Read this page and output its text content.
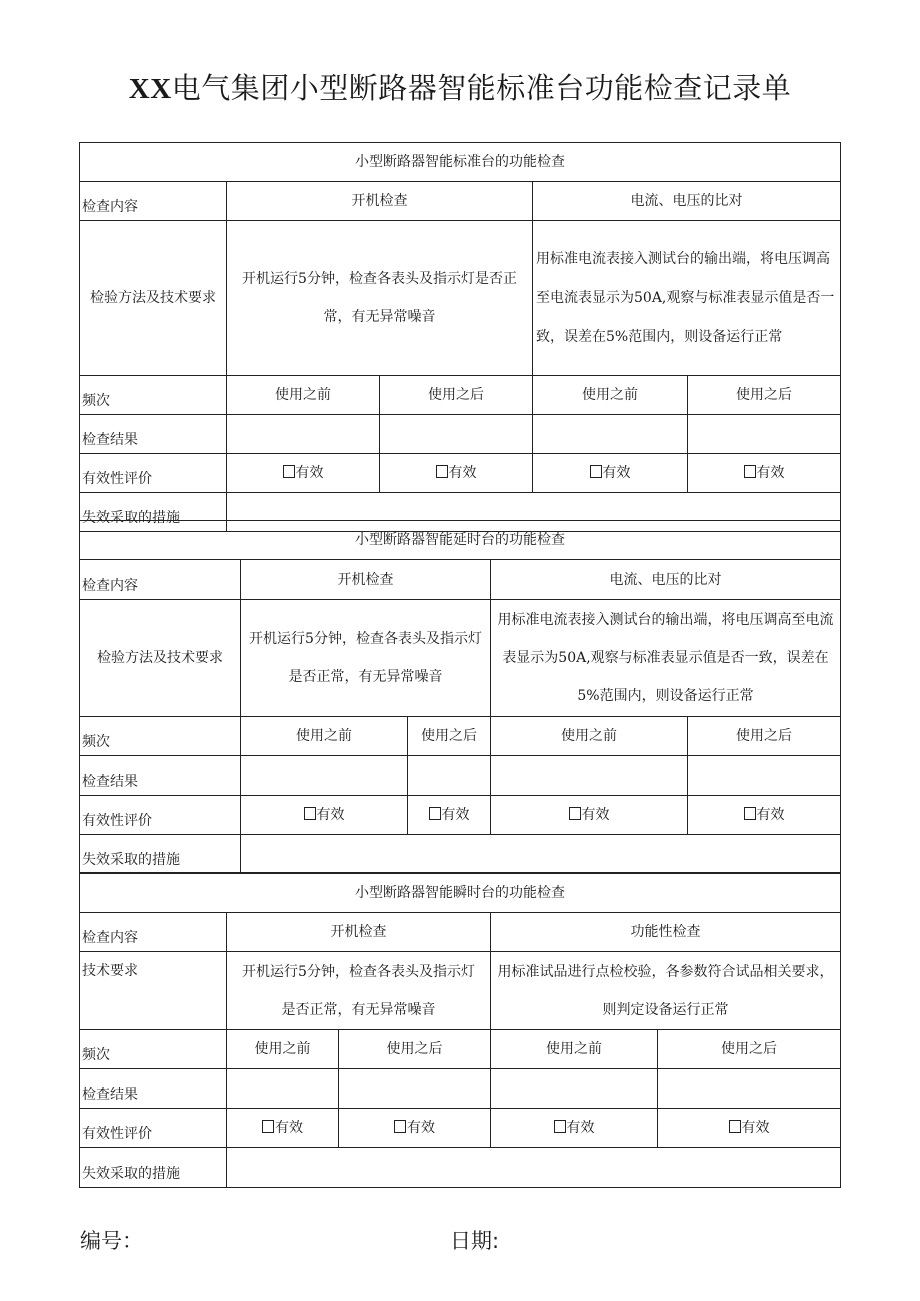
XX电气集团小型断路器智能标准台功能检查记录单
小型断路器智能标准台的功能检查				
检查内容	开机检查		电流、电压的比对	
检验方法及技术要求	开机运行5分钟，检查各表头及指示灯是否正常，有无异常噪音		用标准电流表接入测试台的输出端，将电压调高至电流表显示为50A,观察与标准表显示值是否一致，误差在5%范围内，则设备运行正常	
频次	使用之前	使用之后	使用之前	使用之后
检查结果				
有效性评价	有效	有效	有效	有效
失效采取的措施				
小型断路器智能延时台的功能检查				
检查内容	开机检查		电流、电压的比对	
检验方法及技术要求	开机运行5分钟，检查各表头及指示灯是否正常，有无异常噪音		用标准电流表接入测试台的输出端，将电压调高至电流表显示为50A,观察与标准表显示值是否一致，误差在5%范围内，则设备运行正常	
频次	使用之前	使用之后	使用之前	使用之后
检查结果				
有效性评价	有效	有效	有效	有效
失效采取的措施				
小型断路器智能瞬时台的功能检查				
检查内容	开机检查		功能性检查	
技术要求	开机运行5分钟，检查各表头及指示灯是否正常，有无异常噪音		用标准试品进行点检校验，各参数符合试品相关要求，则判定设备运行正常	
频次	使用之前	使用之后	使用之前	使用之后
检查结果				
有效性评价	有效	有效	有效	有效
失效采取的措施				
编号：	日期:
